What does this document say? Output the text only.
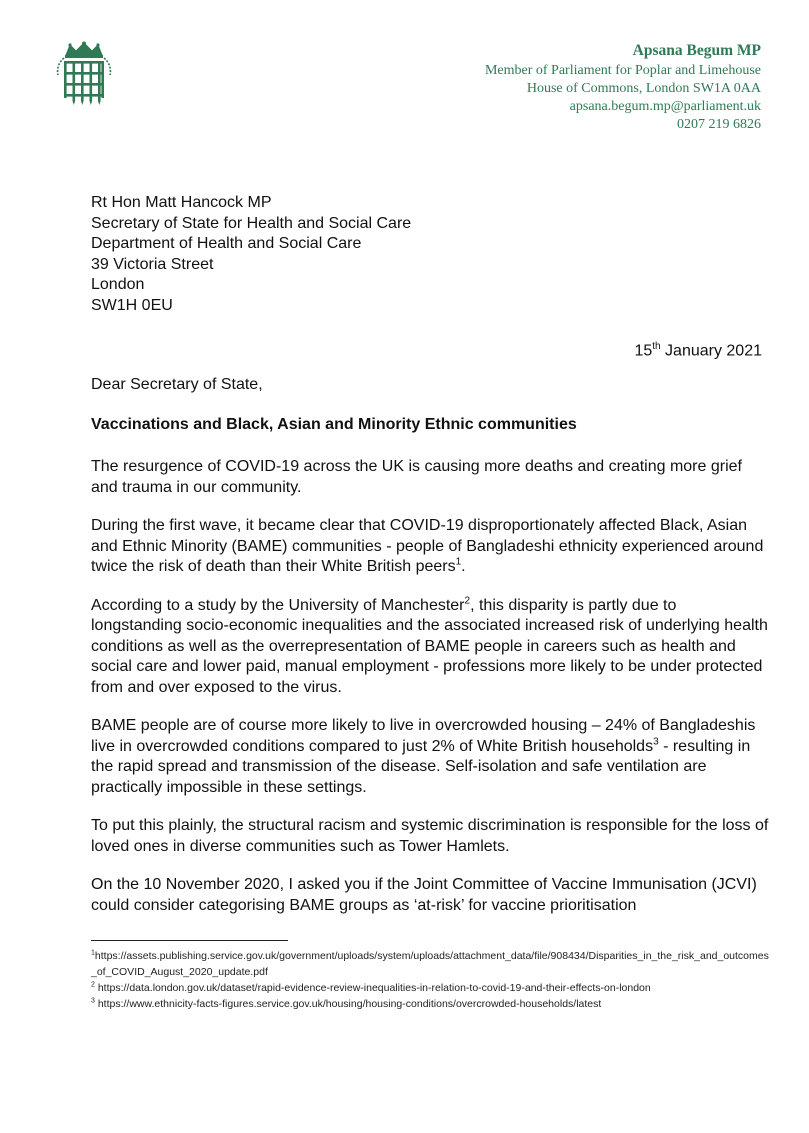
Apsana Begum MP
Member of Parliament for Poplar and Limehouse
House of Commons, London SW1A 0AA
apsana.begum.mp@parliament.uk
0207 219 6826
Rt Hon Matt Hancock MP
Secretary of State for Health and Social Care
Department of Health and Social Care
39 Victoria Street
London
SW1H 0EU
15th January 2021
Dear Secretary of State,
Vaccinations and Black, Asian and Minority Ethnic communities

The resurgence of COVID-19 across the UK is causing more deaths and creating more grief and trauma in our community.

During the first wave, it became clear that COVID-19 disproportionately affected Black, Asian and Ethnic Minority (BAME) communities - people of Bangladeshi ethnicity experienced around twice the risk of death than their White British peers$^1$.

According to a study by the University of Manchester$^2$, this disparity is partly due to longstanding socio-economic inequalities and the associated increased risk of underlying health conditions as well as the overrepresentation of BAME people in careers such as health and social care and lower paid, manual employment - professions more likely to be under protected from and over exposed to the virus.

BAME people are of course more likely to live in overcrowded housing – 24% of Bangladeshis live in overcrowded conditions compared to just 2% of White British households$^3$ - resulting in the rapid spread and transmission of the disease. Self-isolation and safe ventilation are practically impossible in these settings.

To put this plainly, the structural racism and systemic discrimination is responsible for the loss of loved ones in diverse communities such as Tower Hamlets.

On the 10 November 2020, I asked you if the Joint Committee of Vaccine Immunisation (JCVI) could consider categorising BAME groups as ‘at-risk’ for vaccine prioritisation

$^1$https://assets.publishing.service.gov.uk/government/uploads/system/uploads/attachment_data/file/908434/Disparities_in_the_risk_and_outcomes_of_COVID_August_2020_update.pdf

$^2$ https://data.london.gov.uk/dataset/rapid-evidence-review-inequalities-in-relation-to-covid-19-and-their-effects-on-london

$^3$ https://www.ethnicity-facts-figures.service.gov.uk/housing/housing-conditions/overcrowded-households/latest
